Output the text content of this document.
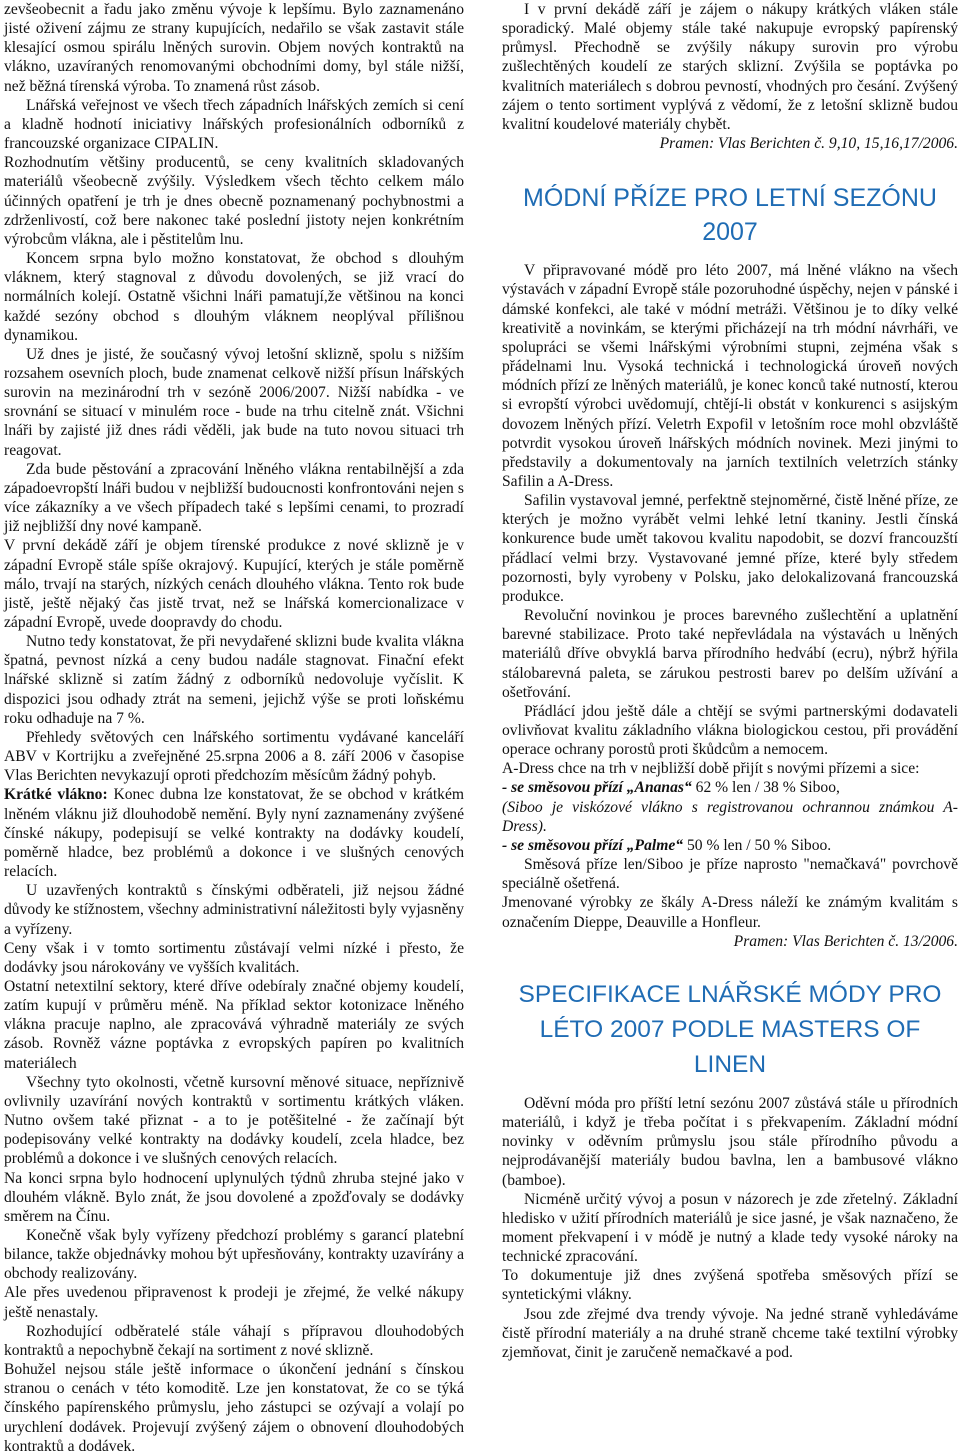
zevšeobecnit a řadu jako změnu vývoje k lepšímu. Bylo zaznamenáno jisté oživení zájmu ze strany kupujících, nedařilo se však zastavit stále klesající osmou spirálu lněných surovin. Objem nových kontraktů na vlákno, uzavíraných renomovanými obchodními domy, byl stále nižší, než běžná tírenská výroba. To znamená růst zásob.

Lnářská veřejnost ve všech třech západních lnářských zemích si cení a kladně hodnotí iniciativy lnářských profesionálních odborníků z francouzské organizace CIPALIN.

Rozhodnutím většiny producentů, se ceny kvalitních skladovaných materiálů všeobecně zvýšily. Výsledkem všech těchto celkem málo účinných opatření je trh je dnes obecně poznamenaný pochybnostmi a zdrženlivostí, což bere nakonec také poslední jistoty nejen konkrétním výrobcům vlákna, ale i pěstitelům lnu.

Koncem srpna bylo možno konstatovat, že obchod s dlouhým vláknem, který stagnoval z důvodu dovolených, se již vrací do normálních kolejí. Ostatně všichni lnáři pamatují,že většinou na konci každé sezóny obchod s dlouhým vláknem neoplýval přílišnou dynamikou.

Už dnes je jisté, že současný vývoj letošní sklizně, spolu s nižším rozsahem osevních ploch, bude znamenat celkově nižší přísun lnářských surovin na mezinárodní trh v sezóně 2006/2007. Nižší nabídka - ve srovnání se situací v minulém roce - bude na trhu citelně znát. Všichni lnáři by zajisté již dnes rádi věděli, jak bude na tuto novou situaci trh reagovat.

Zda bude pěstování a zpracování lněného vlákna rentabilnější a zda západoevropští lnáři budou v nejbližší budoucnosti konfrontováni nejen s více zákazníky a ve všech případech také s lepšími cenami, to prozradí již nejbližší dny nové kampaně.

V první dekádě září je objem tírenské produkce z nové sklizně je v západní Evropě stále spíše okrajový. Kupující, kterých je stále poměrně málo, trvají na starých, nízkých cenách dlouhého vlákna. Tento rok bude jistě, ještě nějaký čas jistě trvat, než se lnářská komercionalizace v západní Evropě, uvede doopravdy do chodu.

Nutno tedy konstatovat, že při nevydařené sklizni bude kvalita vlákna špatná, pevnost nízká a ceny budou nadále stagnovat. Finační efekt lnářské sklizně si zatím žádný z odborníků nedovoluje vyčíslit. K dispozici jsou odhady ztrát na semeni, jejichž výše se proti loňskému roku odhaduje na 7 %.

Přehledy světových cen lnářského sortimentu vydávané kanceláří ABV v Kortrijku a zveřejněné 25.srpna 2006 a 8. září 2006 v časopise Vlas Berichten nevykazují oproti předchozím měsícům žádný pohyb.

Krátké vlákno: Konec dubna lze konstatovat, že se obchod v krátkém lněném vláknu již dlouhodobě nemění. Byly nyní zaznamenány zvýšené čínské nákupy, podepisují se velké kontrakty na dodávky koudelí, poměrně hladce, bez problémů a dokonce i ve slušných cenových relacích.

U uzavřených kontraktů s čínskými odběrateli, již nejsou žádné důvody ke stížnostem, všechny administrativní náležitosti byly vyjasněny a vyřízeny.

Ceny však i v tomto sortimentu zůstávají velmi nízké i přesto, že dodávky jsou nárokovány ve vyšších kvalitách.

Ostatní netextilní sektory, které dříve odebíraly značné objemy koudelí, zatím kupují v průměru méně. Na příklad sektor kotonizace lněného vlákna pracuje naplno, ale zpracovává výhradně materiály ze svých zásob. Rovněž vázne poptávka z evropských papíren po kvalitních materiálech

Všechny tyto okolnosti, včetně kursovní měnové situace, nepříznivě ovlivnily uzavírání nových kontraktů v sortimentu krátkých vláken. Nutno ovšem také přiznat - a to je potěšitelné - že začínají být podepisovány velké kontrakty na dodávky koudelí, zcela hladce, bez problémů a dokonce i ve slušných cenových relacích.

Na konci srpna bylo hodnocení uplynulých týdnů zhruba stejné jako v dlouhém vlákně. Bylo znát, že jsou dovolené a zpožďovaly se dodávky směrem na Čínu.

Konečně však byly vyřízeny předchozí problémy s garancí platební bilance, takže objednávky mohou být upřesňovány, kontrakty uzavírány a obchody realizovány.

Ale přes uvedenou připravenost k prodeji je zřejmé, že velké nákupy ještě nenastaly.

Rozhodující odběratelé stále váhají s přípravou dlouhodobých kontraktů a nepochybně čekají na sortiment z nové sklizně.

Bohužel nejsou stále ještě informace o úkončení jednání s čínskou stranou o cenách v této komoditě. Lze jen konstatovat, že co se týká čínského papírenského průmyslu, jeho zástupci se ozývají a volají po urychlení dodávek. Projevují zvýšený zájem o obnovení dlouhodobých kontraktů a dodávek.

I v první dekádě září je zájem o nákupy krátkých vláken stále sporadický. Malé objemy stále také nakupuje evropský papírenský průmysl. Přechodně se zvýšily nákupy surovin pro výrobu zušlechtěných koudelí ze starých sklizní. Zvýšila se poptávka po kvalitních materiálech s dobrou pevností, vhodných pro česání. Zvýšený zájem o tento sortiment vyplývá z vědomí, že z letošní sklizně budou kvalitní koudelové materiály chybět.

Pramen: Vlas Berichten č. 9,10, 15,16,17/2006.

MÓDNÍ PŘÍZE PRO LETNÍ SEZÓNU 2007

V připravované módě pro léto 2007, má lněné vlákno na všech výstavách v západní Evropě stále pozoruhodné úspěchy, nejen v pánské i dámské konfekci, ale také v módní metráži. Většinou je to díky velké kreativitě a novinkám, se kterými přicházejí na trh módní návrháři, ve spolupráci se všemi lnářskými výrobními stupni, zejména však s přádelnami lnu. Vysoká technická i technologická úroveň nových módních přízí ze lněných materiálů, je konec konců také nutností, kterou si evropští výrobci uvědomují, chtějí-li obstát v konkurenci s asijským dovozem lněných přízí. Veletrh Expofil v letošním roce mohl obzvláště potvrdit vysokou úroveň lnářských módních novinek. Mezi jinými to představily a dokumentovaly na jarních textilních veletrzích stánky Safilin a A-Dress.

Safilin vystavoval jemné, perfektně stejnoměrné, čistě lněné příze, ze kterých je možno vyrábět velmi lehké letní tkaniny. Jestli čínská konkurence bude umět takovou kvalitu napodobit, se dozví francouzští přádlací velmi brzy. Vystavované jemné příze, které byly středem pozornosti, byly vyrobeny v Polsku, jako delokalizovaná francouzská produkce.

Revoluční novinkou je proces barevného zušlechtění a uplatnění barevné stabilizace. Proto také nepřevládala na výstavách u lněných materiálů dříve obvyklá barva přírodního hedvábí (ecru), nýbrž hýřila stálobarevná paleta, se zárukou pestrosti barev po delším užívání a ošetřování.

Přádlácí jdou ještě dále a chtějí se svými partnerskými dodavateli ovlivňovat kvalitu základního vlákna biologickou cestou, při provádění operace ochrany porostů proti škůdcům a nemocem.

A-Dress chce na trh v nejbližší době přijít s novými přízemi a sice:

- se směsovou přízí „Ananas“ 62 % len / 38 % Siboo,

(Siboo je viskózové vlákno s registrovanou ochrannou známkou A-Dress).

- se směsovou přízí „Palme“ 50 % len / 50 % Siboo.

Směsová příze len/Siboo je příze naprosto "nemačkavá" povrchově speciálně ošetřená.

Jmenované výrobky ze škály A-Dress náleží ke známým kvalitám s označením Dieppe, Deauville a Honfleur.

Pramen: Vlas Berichten č. 13/2006.

SPECIFIKACE LNÁŘSKÉ MÓDY PRO LÉTO 2007 PODLE MASTERS OF LINEN

Oděvní móda pro příští letní sezónu 2007 zůstává stále u přírodních materiálů, i když je třeba počítat i s překvapením. Základní módní novinky v oděvním průmyslu jsou stále přírodního původu a nejprodávanější materiály budou bavlna, len a bambusové vlákno (bamboe).

Nicméně určitý vývoj a posun v názorech je zde zřetelný. Základní hledisko v užití přírodních materiálů je sice jasné, je však naznačeno, že moment překvapení i v módě je nutný a klade tedy vysoké nároky na technické zpracování.

To dokumentuje již dnes zvýšená spotřeba směsových přízí se syntetickými vlákny.

Jsou zde zřejmé dva trendy vývoje. Na jedné straně vyhledáváme čistě přírodní materiály a na druhé straně chceme také textilní výrobky zjemňovat, činit je zaručeně nemačkavé a pod.
